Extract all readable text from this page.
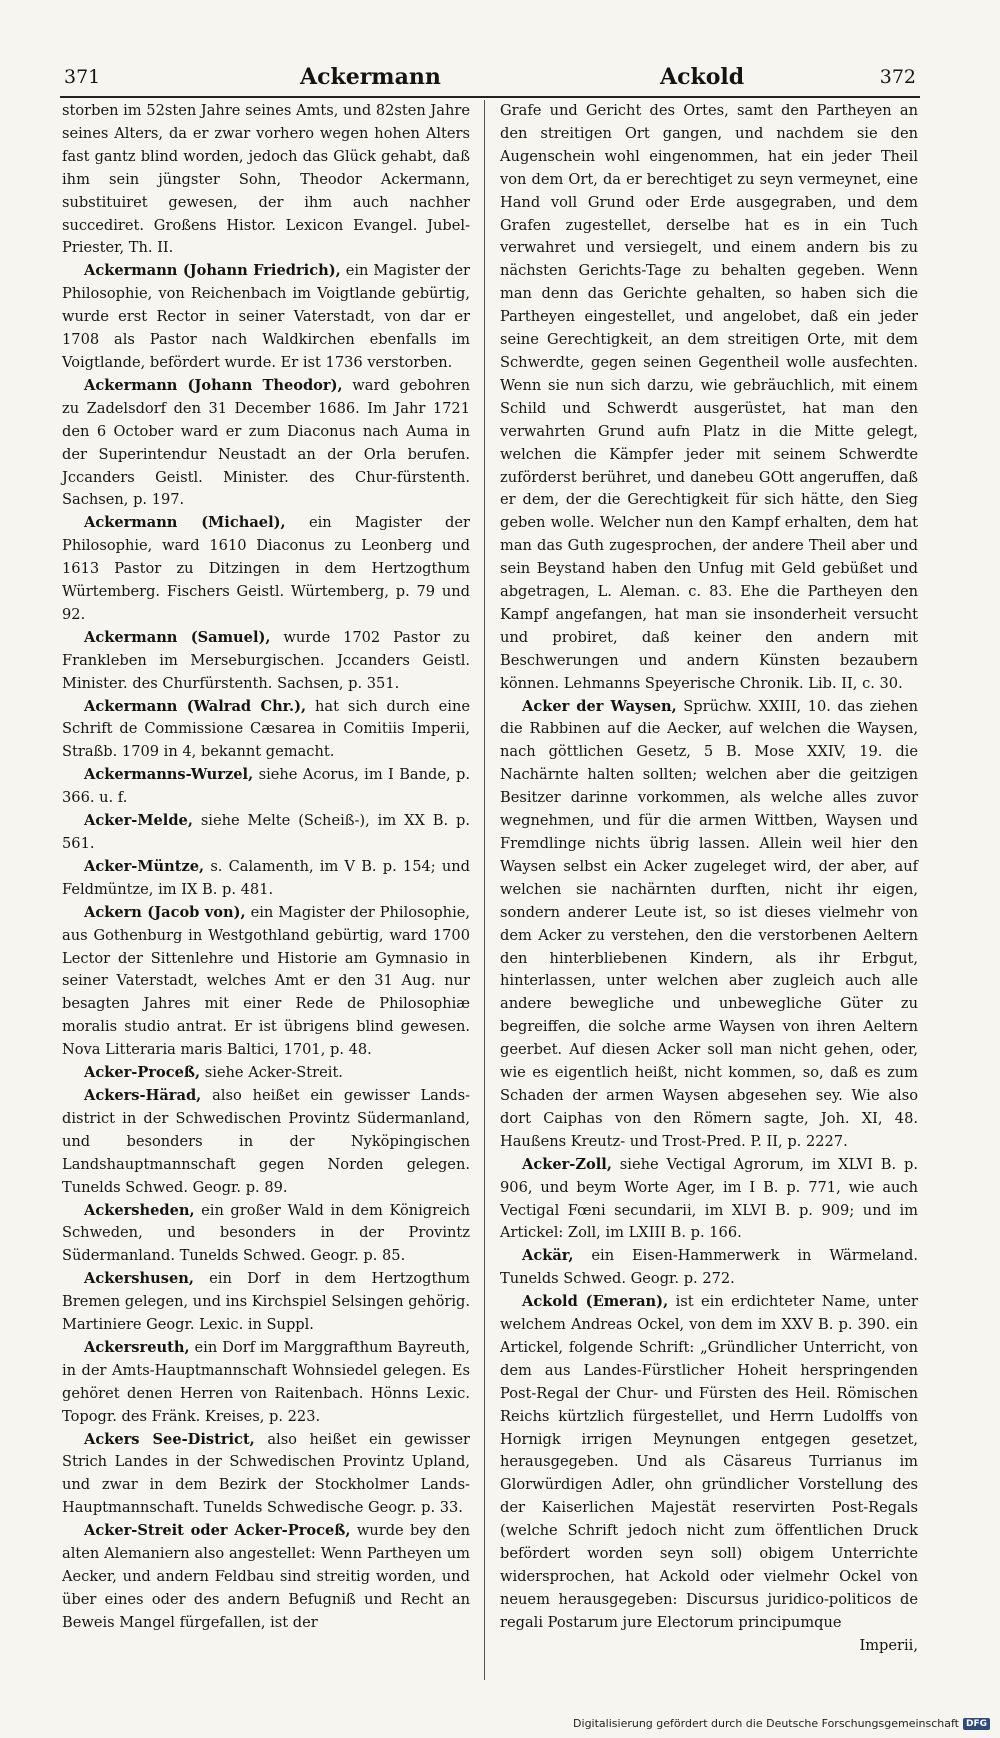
371	Ackermann	Ackold	372

storben im 52sten Jahre seines Amts, und 82sten Jahre seines Alters, da er zwar vorhero wegen hohen Alters fast gantz blind worden, jedoch das Glück gehabt, daß ihm sein jüngster Sohn, Theodor Ackermann, substituiret gewesen, der ihm auch nachher succediret. Großens Histor. Lexicon Evangel. Jubel-Priester, Th. II.

Ackermann (Johann Friedrich), ein Magister der Philosophie, von Reichenbach im Voigtlande gebürtig, wurde erst Rector in seiner Vaterstadt, von dar er 1708 als Pastor nach Waldkirchen ebenfalls im Voigtlande, befördert wurde. Er ist 1736 verstorben.

Ackermann (Johann Theodor), ward gebohren zu Zadelsdorf den 31 December 1686. Im Jahr 1721 den 6 October ward er zum Diaconus nach Auma in der Superintendur Neustadt an der Orla berufen. Jccanders Geistl. Minister. des Chur-fürstenth. Sachsen, p. 197.

Ackermann (Michael), ein Magister der Philosophie, ward 1610 Diaconus zu Leonberg und 1613 Pastor zu Ditzingen in dem Hertzogthum Würtemberg. Fischers Geistl. Würtemberg, p. 79 und 92.

Ackermann (Samuel), wurde 1702 Pastor zu Frankleben im Merseburgischen. Jccanders Geistl. Minister. des Churfürstenth. Sachsen, p. 351.

Ackermann (Walrad Chr.), hat sich durch eine Schrift de Commissione Cæsarea in Comitiis Imperii, Straßb. 1709 in 4, bekannt gemacht.

Ackermanns-Wurzel, siehe Acorus, im I Bande, p. 366. u. f.

Acker-Melde, siehe Melte (Scheiß-), im XX B. p. 561.

Acker-Müntze, s. Calamenth, im V B. p. 154; und Feldmüntze, im IX B. p. 481.

Ackern (Jacob von), ein Magister der Philosophie, aus Gothenburg in Westgothland gebürtig, ward 1700 Lector der Sittenlehre und Historie am Gymnasio in seiner Vaterstadt, welches Amt er den 31 Aug. nur besagten Jahres mit einer Rede de Philosophiæ moralis studio antrat. Er ist übrigens blind gewesen. Nova Litteraria maris Baltici, 1701, p. 48.

Acker-Proceß, siehe Acker-Streit.

Ackers-Härad, also heißet ein gewisser Lands-district in der Schwedischen Provintz Südermanland, und besonders in der Nyköpingischen Landshauptmannschaft gegen Norden gelegen. Tunelds Schwed. Geogr. p. 89.

Ackersheden, ein großer Wald in dem Königreich Schweden, und besonders in der Provintz Südermanland. Tunelds Schwed. Geogr. p. 85.

Ackershusen, ein Dorf in dem Hertzogthum Bremen gelegen, und ins Kirchspiel Selsingen gehörig. Martiniere Geogr. Lexic. in Suppl.

Ackersreuth, ein Dorf im Marggrafthum Bayreuth, in der Amts-Hauptmannschaft Wohnsiedel gelegen. Es gehöret denen Herren von Raitenbach. Hönns Lexic. Topogr. des Fränk. Kreises, p. 223.

Ackers See-District, also heißet ein gewisser Strich Landes in der Schwedischen Provintz Upland, und zwar in dem Bezirk der Stockholmer Lands-Hauptmannschaft. Tunelds Schwedische Geogr. p. 33.

Acker-Streit oder Acker-Proceß, wurde bey den alten Alemaniern also angestellet: Wenn Partheyen um Aecker, und andern Feldbau sind streitig worden, und über eines oder des andern Befugniß und Recht an Beweis Mangel fürgefallen, ist der

Grafe und Gericht des Ortes, samt den Partheyen an den streitigen Ort gangen, und nachdem sie den Augenschein wohl eingenommen, hat ein jeder Theil von dem Ort, da er berechtiget zu seyn vermeynet, eine Hand voll Grund oder Erde ausgegraben, und dem Grafen zugestellet, derselbe hat es in ein Tuch verwahret und versiegelt, und einem andern bis zu nächsten Gerichts-Tage zu behalten gegeben. Wenn man denn das Gerichte gehalten, so haben sich die Partheyen eingestellet, und angelobet, daß ein jeder seine Gerechtigkeit, an dem streitigen Orte, mit dem Schwerdte, gegen seinen Gegentheil wolle ausfechten. Wenn sie nun sich darzu, wie gebräuchlich, mit einem Schild und Schwerdt ausgerüstet, hat man den verwahrten Grund aufn Platz in die Mitte gelegt, welchen die Kämpfer jeder mit seinem Schwerdte zuförderst berühret, und danebeu GOtt angeruffen, daß er dem, der die Gerechtigkeit für sich hätte, den Sieg geben wolle. Welcher nun den Kampf erhalten, dem hat man das Guth zugesprochen, der andere Theil aber und sein Beystand haben den Unfug mit Geld gebüßet und abgetragen, L. Aleman. c. 83. Ehe die Partheyen den Kampf angefangen, hat man sie insonderheit versucht und probiret, daß keiner den andern mit Beschwerungen und andern Künsten bezaubern können. Lehmanns Speyerische Chronik. Lib. II, c. 30.

Acker der Waysen, Sprüchw. XXIII, 10. das ziehen die Rabbinen auf die Aecker, auf welchen die Waysen, nach göttlichen Gesetz, 5 B. Mose XXIV, 19. die Nachärnte halten sollten; welchen aber die geitzigen Besitzer darinne vorkommen, als welche alles zuvor wegnehmen, und für die armen Wittben, Waysen und Fremdlinge nichts übrig lassen. Allein weil hier den Waysen selbst ein Acker zugeleget wird, der aber, auf welchen sie nachärnten durften, nicht ihr eigen, sondern anderer Leute ist, so ist dieses vielmehr von dem Acker zu verstehen, den die verstorbenen Aeltern den hinterbliebenen Kindern, als ihr Erbgut, hinterlassen, unter welchen aber zugleich auch alle andere bewegliche und unbewegliche Güter zu begreiffen, die solche arme Waysen von ihren Aeltern geerbet. Auf diesen Acker soll man nicht gehen, oder, wie es eigentlich heißt, nicht kommen, so, daß es zum Schaden der armen Waysen abgesehen sey. Wie also dort Caiphas von den Römern sagte, Joh. XI, 48. Haußens Kreutz- und Trost-Pred. P. II, p. 2227.

Acker-Zoll, siehe Vectigal Agrorum, im XLVI B. p. 906, und beym Worte Ager, im I B. p. 771, wie auch Vectigal Fœni secundarii, im XLVI B. p. 909; und im Artickel: Zoll, im LXIII B. p. 166.

Ackär, ein Eisen-Hammerwerk in Wärmeland. Tunelds Schwed. Geogr. p. 272.

Ackold (Emeran), ist ein erdichteter Name, unter welchem Andreas Ockel, von dem im XXV B. p. 390. ein Artickel, folgende Schrift: „Gründlicher Unterricht, von dem aus Landes-Fürstlicher Hoheit herspringenden Post-Regal der Chur- und Fürsten des Heil. Römischen Reichs kürtzlich fürgestellet, und Herrn Ludolffs von Hornigk irrigen Meynungen entgegen gesetzet, herausgegeben. Und als Cäsareus Turrianus im Glorwürdigen Adler, ohn gründlicher Vorstellung des der Kaiserlichen Majestät reservirten Post-Regals (welche Schrift jedoch nicht zum öffentlichen Druck befördert worden seyn soll) obigem Unterrichte widersprochen, hat Ackold oder vielmehr Ockel von neuem herausgegeben: Discursus juridico-politicos de regali Postarum jure Electorum principumque

Imperii,

Digitalisierung gefördert durch die Deutsche Forschungsgemeinschaft DFG
